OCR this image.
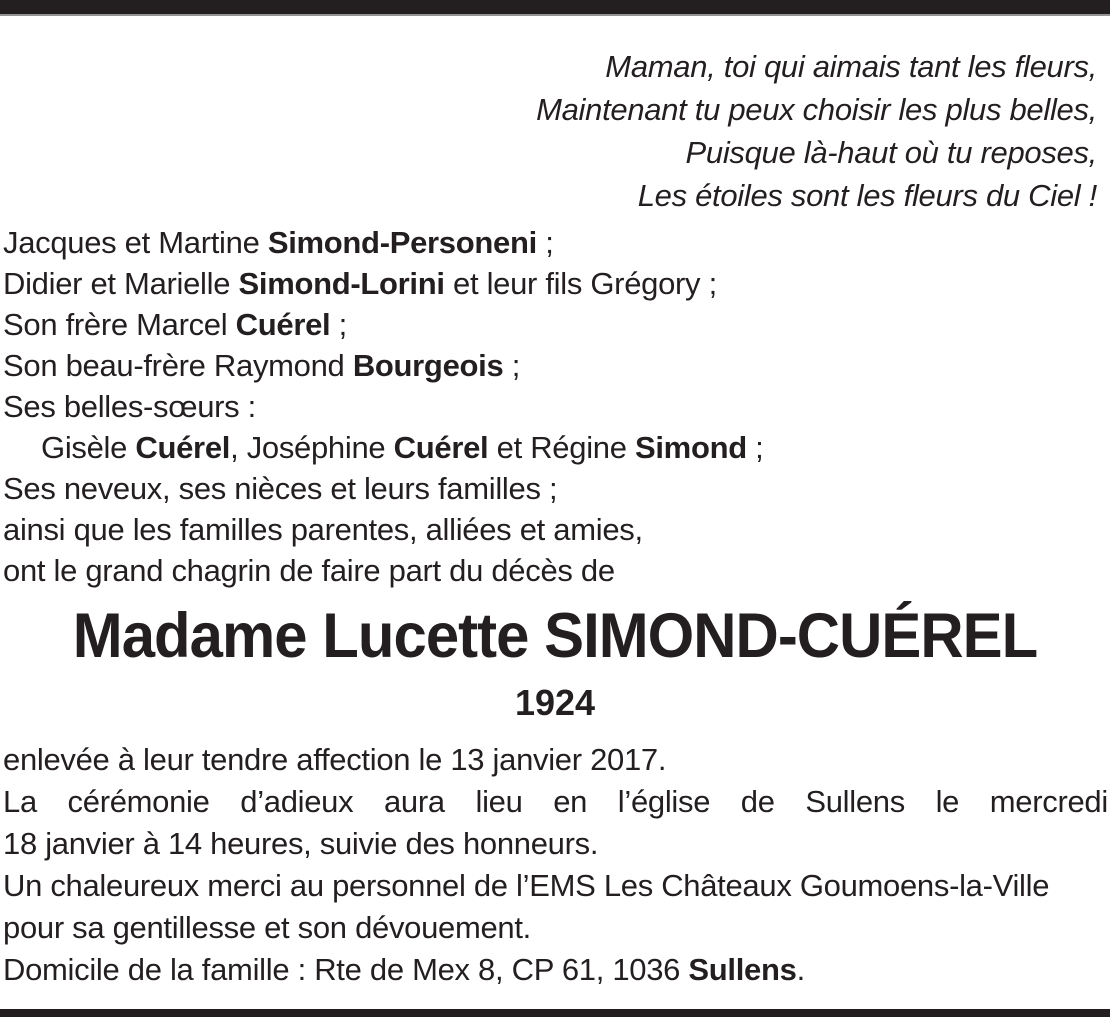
Maman, toi qui aimais tant les fleurs,
Maintenant tu peux choisir les plus belles,
Puisque là-haut où tu reposes,
Les étoiles sont les fleurs du Ciel !
Jacques et Martine Simond-Personeni ;
Didier et Marielle Simond-Lorini et leur fils Grégory ;
Son frère Marcel Cuérel ;
Son beau-frère Raymond Bourgeois ;
Ses belles-sœurs :
Gisèle Cuérel, Joséphine Cuérel et Régine Simond ;
Ses neveux, ses nièces et leurs familles ;
ainsi que les familles parentes, alliées et amies,
ont le grand chagrin de faire part du décès de
Madame Lucette SIMOND-CUÉREL
1924
enlevée à leur tendre affection le 13 janvier 2017.
La cérémonie d’adieux aura lieu en l’église de Sullens le mercredi
18 janvier à 14 heures, suivie des honneurs.
Un chaleureux merci au personnel de l’EMS Les Châteaux Goumoens-la-Ville
pour sa gentillesse et son dévouement.
Domicile de la famille : Rte de Mex 8, CP 61, 1036 Sullens.
